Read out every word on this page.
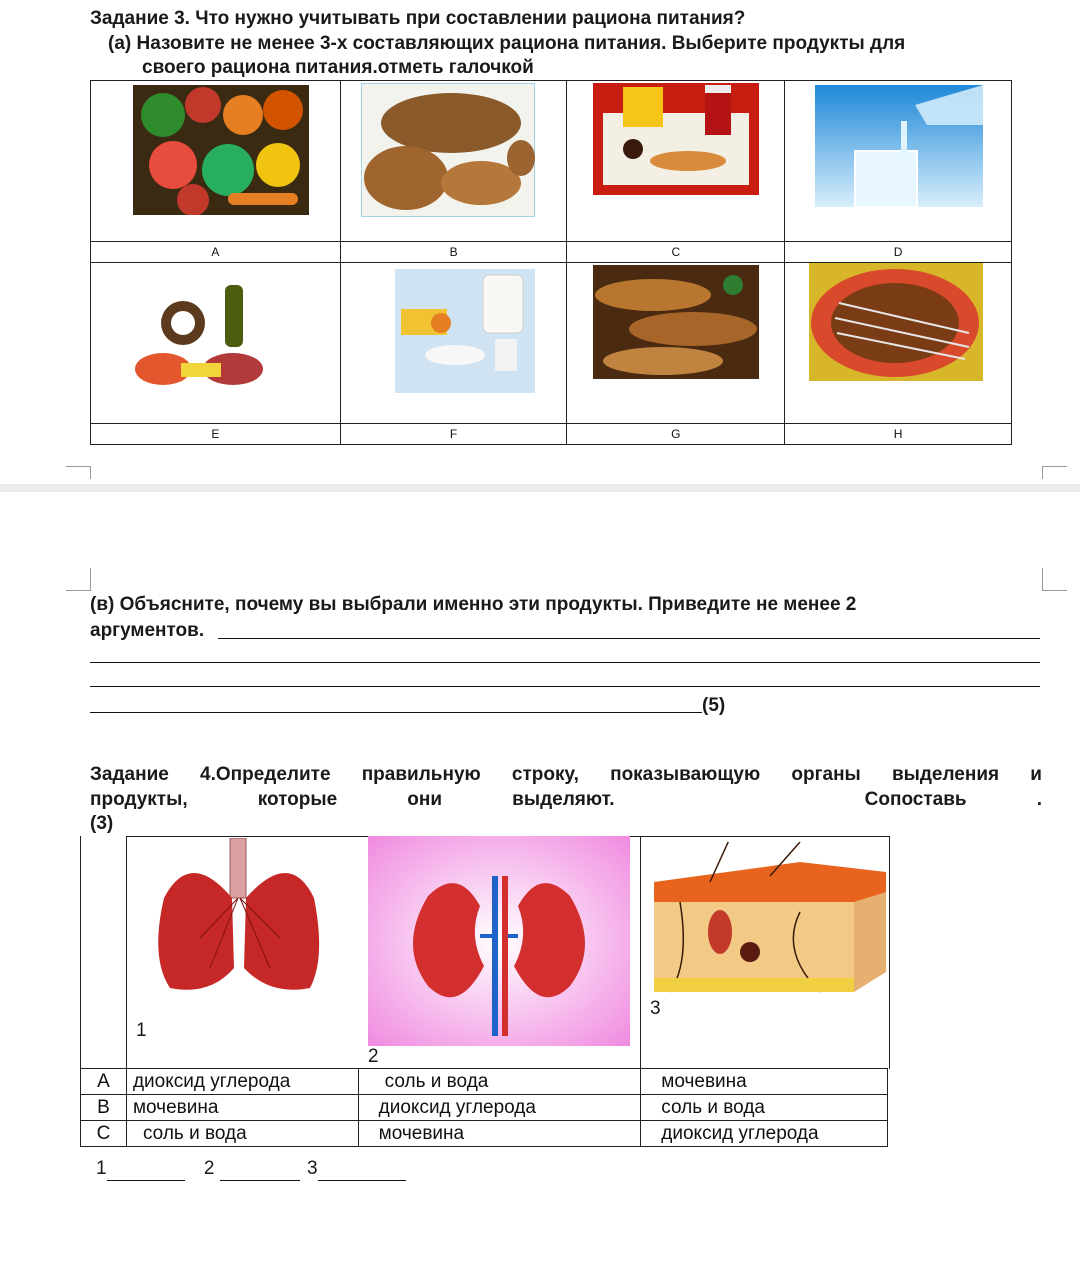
Задание 3. Что нужно учитывать при составлении рациона питания?
(а) Назовите не менее 3-х составляющих рациона питания. Выберите продукты для
своего рациона питания.отметь галочкой

A	B	C	D

E	F	G	H
(в) Объясните, почему вы выбрали именно эти продукты. Приведите не менее 2
аргументов.
(5)
Задание 4.Определите правильную строку, показывающую органы выделения и
продукты,	которые	они	выделяют.	Сопоставь	.
(3)
1
2
3
A	диоксид углерода	соль и вода	мочевина
B	мочевина	диоксид углерода	соль и вода
C	соль и вода	мочевина	диоксид углерода
1	2	3
